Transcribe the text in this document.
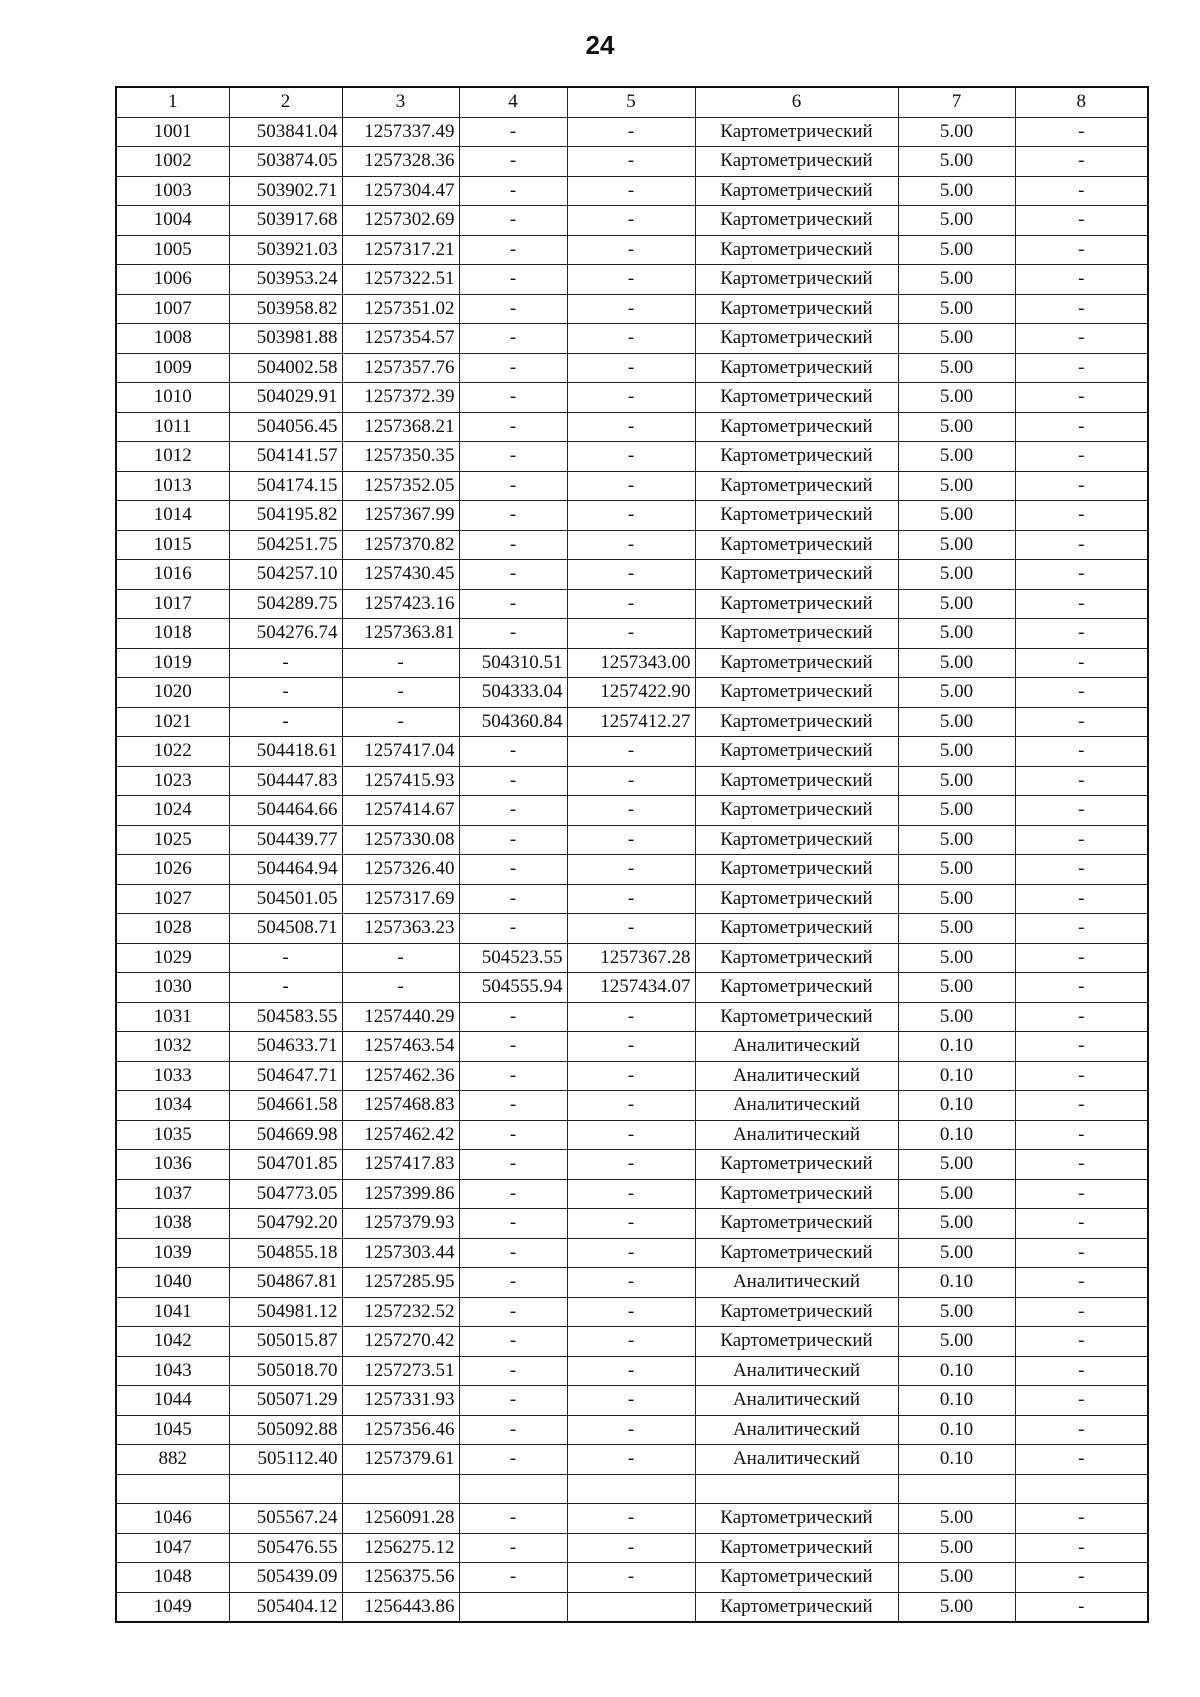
24
1	2	3	4	5	6	7	8
1001	503841.04	1257337.49	-	-	Картометрический	5.00	-
1002	503874.05	1257328.36	-	-	Картометрический	5.00	-
1003	503902.71	1257304.47	-	-	Картометрический	5.00	-
1004	503917.68	1257302.69	-	-	Картометрический	5.00	-
1005	503921.03	1257317.21	-	-	Картометрический	5.00	-
1006	503953.24	1257322.51	-	-	Картометрический	5.00	-
1007	503958.82	1257351.02	-	-	Картометрический	5.00	-
1008	503981.88	1257354.57	-	-	Картометрический	5.00	-
1009	504002.58	1257357.76	-	-	Картометрический	5.00	-
1010	504029.91	1257372.39	-	-	Картометрический	5.00	-
1011	504056.45	1257368.21	-	-	Картометрический	5.00	-
1012	504141.57	1257350.35	-	-	Картометрический	5.00	-
1013	504174.15	1257352.05	-	-	Картометрический	5.00	-
1014	504195.82	1257367.99	-	-	Картометрический	5.00	-
1015	504251.75	1257370.82	-	-	Картометрический	5.00	-
1016	504257.10	1257430.45	-	-	Картометрический	5.00	-
1017	504289.75	1257423.16	-	-	Картометрический	5.00	-
1018	504276.74	1257363.81	-	-	Картометрический	5.00	-
1019	-	-	504310.51	1257343.00	Картометрический	5.00	-
1020	-	-	504333.04	1257422.90	Картометрический	5.00	-
1021	-	-	504360.84	1257412.27	Картометрический	5.00	-
1022	504418.61	1257417.04	-	-	Картометрический	5.00	-
1023	504447.83	1257415.93	-	-	Картометрический	5.00	-
1024	504464.66	1257414.67	-	-	Картометрический	5.00	-
1025	504439.77	1257330.08	-	-	Картометрический	5.00	-
1026	504464.94	1257326.40	-	-	Картометрический	5.00	-
1027	504501.05	1257317.69	-	-	Картометрический	5.00	-
1028	504508.71	1257363.23	-	-	Картометрический	5.00	-
1029	-	-	504523.55	1257367.28	Картометрический	5.00	-
1030	-	-	504555.94	1257434.07	Картометрический	5.00	-
1031	504583.55	1257440.29	-	-	Картометрический	5.00	-
1032	504633.71	1257463.54	-	-	Аналитический	0.10	-
1033	504647.71	1257462.36	-	-	Аналитический	0.10	-
1034	504661.58	1257468.83	-	-	Аналитический	0.10	-
1035	504669.98	1257462.42	-	-	Аналитический	0.10	-
1036	504701.85	1257417.83	-	-	Картометрический	5.00	-
1037	504773.05	1257399.86	-	-	Картометрический	5.00	-
1038	504792.20	1257379.93	-	-	Картометрический	5.00	-
1039	504855.18	1257303.44	-	-	Картометрический	5.00	-
1040	504867.81	1257285.95	-	-	Аналитический	0.10	-
1041	504981.12	1257232.52	-	-	Картометрический	5.00	-
1042	505015.87	1257270.42	-	-	Картометрический	5.00	-
1043	505018.70	1257273.51	-	-	Аналитический	0.10	-
1044	505071.29	1257331.93	-	-	Аналитический	0.10	-
1045	505092.88	1257356.46	-	-	Аналитический	0.10	-
882	505112.40	1257379.61	-	-	Аналитический	0.10	-

1046	505567.24	1256091.28	-	-	Картометрический	5.00	-
1047	505476.55	1256275.12	-	-	Картометрический	5.00	-
1048	505439.09	1256375.56	-	-	Картометрический	5.00	-
1049	505404.12	1256443.86			Картометрический	5.00	-
